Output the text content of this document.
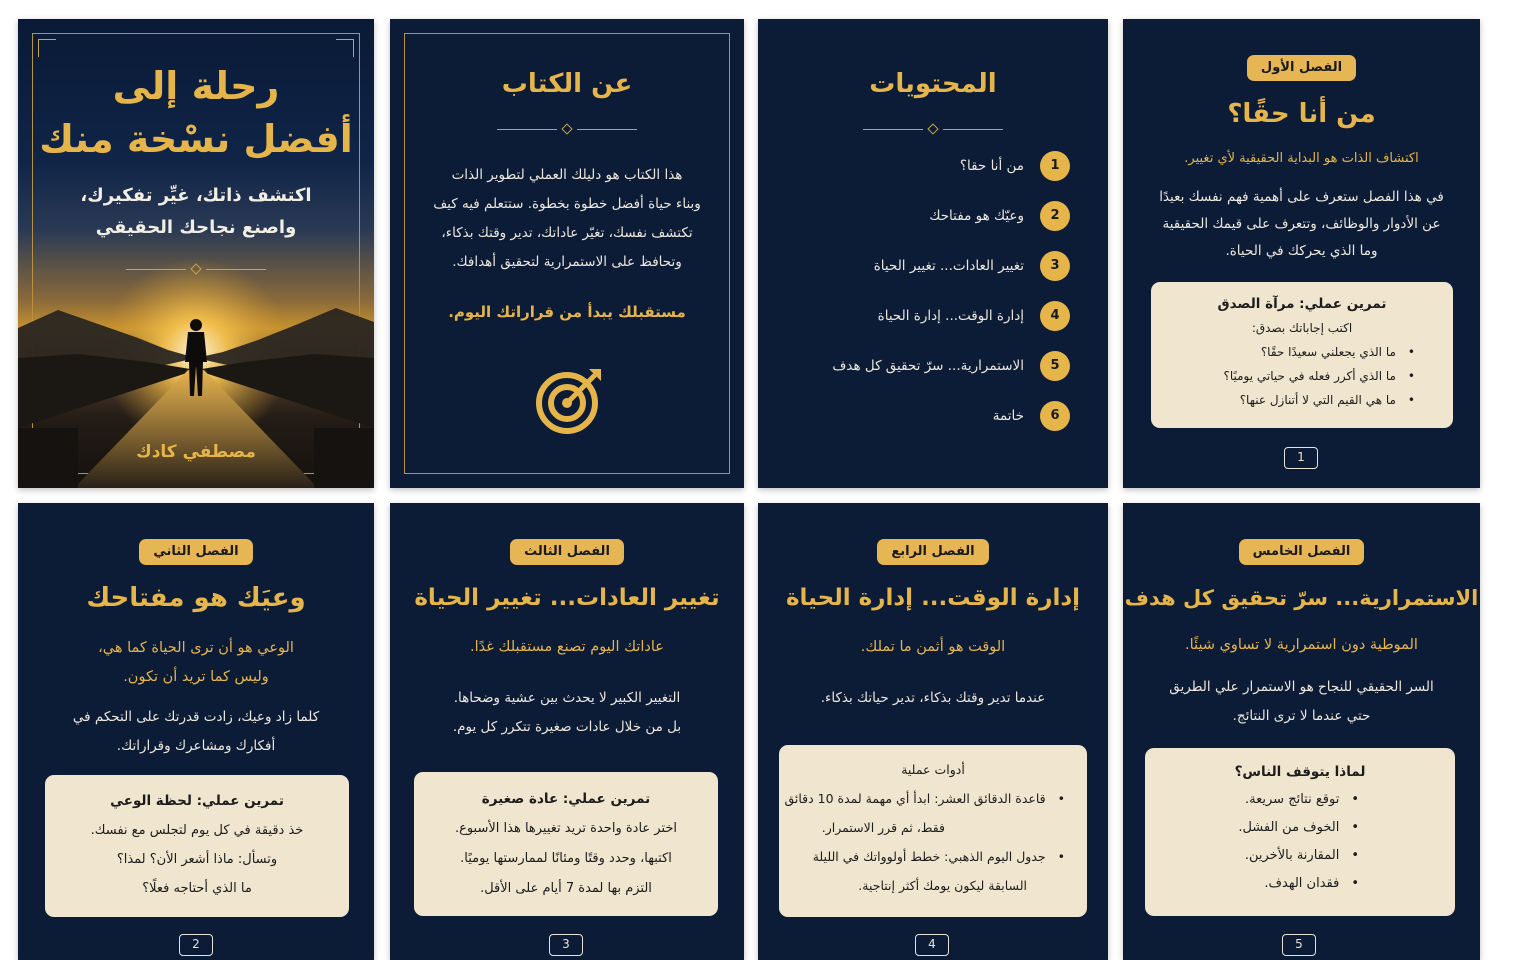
رحلة إلى
أفضل نسْخة منك
اكتشف ذاتك، غيِّر تفكيرك،
واصنع نجاحك الحقيقي
مصطفي كادك
عن الكتاب
هذا الكتاب هو دليلك العملي لتطوير الذات
وبناء حياة أفضل خطوة بخطوة. ستتعلم فيه كيف
تكتشف نفسك، تغيّر عاداتك، تدير وقتك بذكاء،
وتحافظ على الاستمرارية لتحقيق أهدافك.
مستقبلك يبدأ من قراراتك اليوم.
المحتويات
1
من أنا حقا؟
2
وعيّك هو مفتاحك
3
تغيير العادات... تغيير الحياة
4
إدارة الوقت... إدارة الحياة
5
الاستمرارية... سرّ تحقيق كل هدف
6
خاتمة
الفصل الأول
من أنا حقًا؟
اكتشاف الذات هو البداية الحقيقية لأي تغيير.
في هذا الفصل ستعرف على أهمية فهم نفسك بعيدًا
عن الأدوار والوظائف، وتتعرف على قيمك الحقيقية
وما الذي يحركك في الحياة.
تمرين عملي: مرآة الصدق
اكتب إجاباتك بصدق:
• ما الذي يجعلني سعيدًا حقًا؟
• ما الذي أكرر فعله في حياتي يوميًا؟
• ما هي القيم التي لا أتنازل عنها؟
1
الفصل الثاني
وعيَك هو مفتاحك
الوعي هو أن ترى الحياة كما هي،
وليس كما تريد أن تكون.
كلما زاد وعيك، زادت قدرتك على التحكم في
أفكارك ومشاعرك وقراراتك.
تمرين عملي: لحظة الوعي
خذ دقيقة في كل يوم لتجلس مع نفسك.
وتسأل: ماذا أشعر الأن؟ لمذا؟
ما الذي أحتاجه فعلًا؟
2
الفصل الثالث
تغيير العادات... تغيير الحياة
عاداتك اليوم تصنع مستقبلك غدًا.
التغيير الكبير لا يحدث بين عشية وضحاها.
بل من خلال عادات صغيرة تتكرر كل يوم.
تمرين عملي: عادة صغيرة
اختر عادة واحدة تريد تغييرها هذا الأسبوع.
اكتبها، وحدد وقتًا ومئانًا لممارستها يوميًا.
التزم بها لمدة 7 أيام على الأقل.
3
الفصل الرابع
إدارة الوقت... إدارة الحياة
الوقت هو أثمن ما تملك.
عندما تدير وقتك بذكاء، تدير حياتك بذكاء.
أدوات عملية
• قاعدة الدقائق العشر: ابدأ أي مهمة لمدة 10 دقائق
فقط، ثم قرر الاستمرار.
• جدول اليوم الذهبي: خطط أولوواتك في الليلة
السابقة ليكون يومك أكثر إنتاجية.
4
الفصل الخامس
الاستمرارية... سرّ تحقيق كل هدف
الموطية دون استمرارية لا تساوي شيئًا.
السر الحقيقي للنجاح هو الاستمرار علي الطريق
حتي عندما لا ترى النتائج.
لماذا يتوقف الناس؟
• توقع نتائج سريعة.
• الخوف من الفشل.
• المقارنة بالأخرين.
• فقدان الهدف.
5
